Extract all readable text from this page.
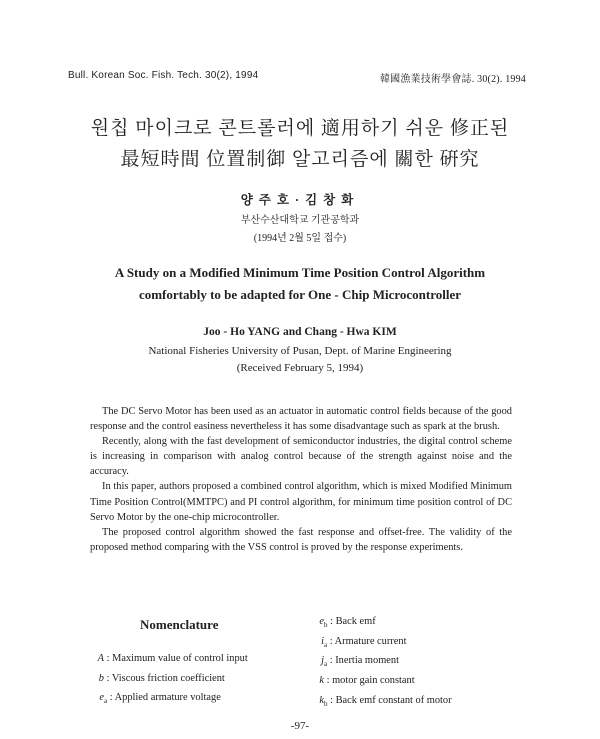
Bull. Korean Soc. Fish. Tech. 30(2), 1994	韓國漁業技術學會誌. 30(2). 1994
원칩 마이크로 콘트롤러에 適用하기 쉬운 修正된
最短時間 位置制御 알고리즘에 關한 硏究
양주호·김창화
부산수산대학교 기관공학과
(1994년 2월 5일 접수)
A Study on a Modified Minimum Time Position Control Algorithm
comfortably to be adapted for One - Chip Microcontroller
Joo - Ho YANG and Chang - Hwa KIM
National Fisheries University of Pusan, Dept. of Marine Engineering
(Received February 5, 1994)

The DC Servo Motor has been used as an actuator in automatic control fields because of the good response and the control easiness nevertheless it has some disadvantage such as spark at the brush.

Recently, along with the fast development of semiconductor industries, the digital control scheme is increasing in comparison with analog control because of the strength against noise and the accuracy.

In this paper, authors proposed a combined control algorithm, which is mixed Modified Minimum Time Position Control(MMTPC) and PI control algorithm, for minimum time position control of DC Servo Motor by the one-chip microcontroller.

The proposed control algorithm showed the fast response and offset-free. The validity of the proposed method comparing with the VSS control is proved by the response experiments.

Nomenclature
A : Maximum value of control input
b : Viscous friction coefficient
$e_a$ : Applied armature voltage
$e_b$ : Back emf
$i_a$ : Armature current
$j_a$ : Inertia moment
k : motor gain constant
$k_b$ : Back emf constant of motor
-97-
